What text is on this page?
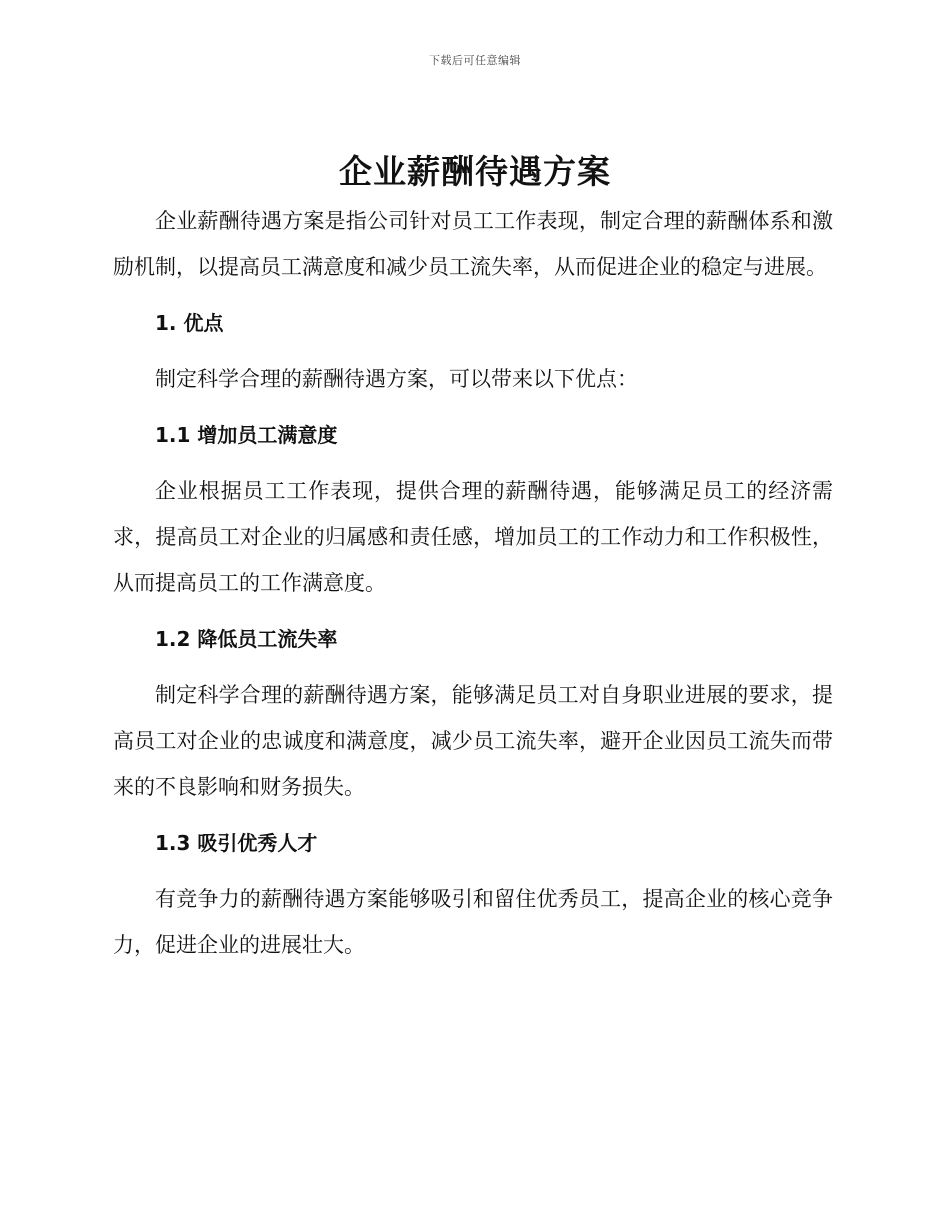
下载后可任意编辑
企业薪酬待遇方案

企业薪酬待遇方案是指公司针对员工工作表现，制定合理的薪酬体系和激励机制，以提高员工满意度和减少员工流失率，从而促进企业的稳定与进展。

1. 优点

制定科学合理的薪酬待遇方案，可以带来以下优点：

1.1 增加员工满意度

企业根据员工工作表现，提供合理的薪酬待遇，能够满足员工的经济需求，提高员工对企业的归属感和责任感，增加员工的工作动力和工作积极性，从而提高员工的工作满意度。

1.2 降低员工流失率

制定科学合理的薪酬待遇方案，能够满足员工对自身职业进展的要求，提高员工对企业的忠诚度和满意度，减少员工流失率，避开企业因员工流失而带来的不良影响和财务损失。

1.3 吸引优秀人才

有竞争力的薪酬待遇方案能够吸引和留住优秀员工，提高企业的核心竞争力，促进企业的进展壮大。
